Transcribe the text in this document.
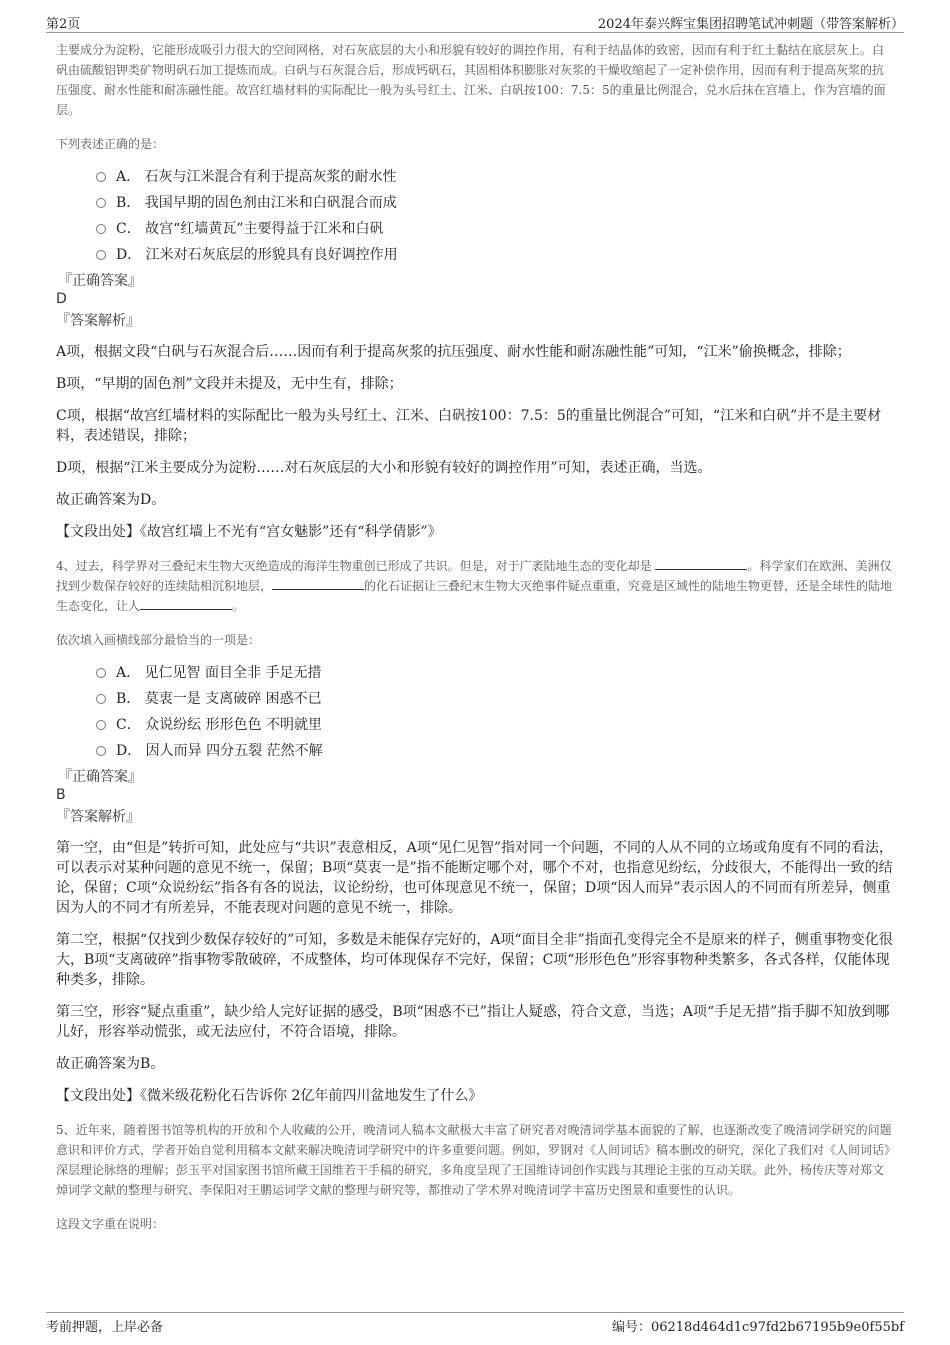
第2页	2024年泰兴辉宝集团招聘笔试冲刺题（带答案解析）

主要成分为淀粉，它能形成吸引力很大的空间网格，对石灰底层的大小和形貌有较好的调控作用，有利于结晶体的致密，因而有利于红土黏结在底层灰上。白矾由硫酸铝钾类矿物明矾石加工提炼而成。白矾与石灰混合后，形成钙矾石，其固相体积膨胀对灰浆的干燥收缩起了一定补偿作用，因而有利于提高灰浆的抗压强度、耐水性能和耐冻融性能。故宫红墙材料的实际配比一般为头号红土、江米、白矾按100：7.5：5的重量比例混合，兑水后抹在宫墙上，作为宫墙的面层。

下列表述正确的是：

A． 石灰与江米混合有利于提高灰浆的耐水性
B． 我国早期的固色剂由江米和白矾混合而成
C． 故宫“红墙黄瓦”主要得益于江米和白矾
D． 江米对石灰底层的形貌具有良好调控作用

『正确答案』

D

『答案解析』

A项，根据文段“白矾与石灰混合后……因而有利于提高灰浆的抗压强度、耐水性能和耐冻融性能”可知，“江米”偷换概念，排除；

B项，“早期的固色剂”文段并未提及，无中生有，排除；

C项，根据“故宫红墙材料的实际配比一般为头号红土、江米、白矾按100：7.5：5的重量比例混合”可知，“江米和白矾”并不是主要材料，表述错误，排除；

D项，根据“江米主要成分为淀粉……对石灰底层的大小和形貌有较好的调控作用”可知，表述正确，当选。

故正确答案为D。

【文段出处】《故宫红墙上不光有“宫女魅影”还有“科学倩影”》

4、过去，科学界对三叠纪末生物大灭绝造成的海洋生物重创已形成了共识。但是，对于广袤陆地生态的变化却是	。科学家们在欧洲、美洲仅找到少数保存较好的连续陆相沉积地层，	的化石证据让三叠纪末生物大灭绝事件疑点重重，究竟是区域性的陆地生物更替，还是全球性的陆地生态变化，让人	。

依次填入画横线部分最恰当的一项是：

A． 见仁见智 面目全非 手足无措
B． 莫衷一是 支离破碎 困惑不已
C． 众说纷纭 形形色色 不明就里
D． 因人而异 四分五裂 茫然不解

『正确答案』

B

『答案解析』

第一空，由“但是”转折可知，此处应与“共识”表意相反，A项“见仁见智”指对同一个问题，不同的人从不同的立场或角度有不同的看法，可以表示对某种问题的意见不统一，保留；B项“莫衷一是”指不能断定哪个对，哪个不对，也指意见纷纭，分歧很大，不能得出一致的结论，保留；C项“众说纷纭”指各有各的说法，议论纷纷，也可体现意见不统一，保留；D项“因人而异”表示因人的不同而有所差异，侧重因为人的不同才有所差异，不能表现对问题的意见不统一，排除。

第二空，根据“仅找到少数保存较好的”可知，多数是未能保存完好的，A项“面目全非”指面孔变得完全不是原来的样子，侧重事物变化很大，B项“支离破碎”指事物零散破碎，不成整体，均可体现保存不完好，保留；C项“形形色色”形容事物种类繁多，各式各样，仅能体现种类多，排除。

第三空，形容“疑点重重”，缺少给人完好证据的感受，B项“困惑不已”指让人疑惑，符合文意，当选；A项“手足无措”指手脚不知放到哪儿好，形容举动慌张，或无法应付，不符合语境，排除。

故正确答案为B。

【文段出处】《微米级花粉化石告诉你 2亿年前四川盆地发生了什么》

5、近年来，随着图书馆等机构的开放和个人收藏的公开，晚清词人稿本文献极大丰富了研究者对晚清词学基本面貌的了解，也逐渐改变了晚清词学研究的问题意识和评价方式，学者开始自觉利用稿本文献来解决晚清词学研究中的许多重要问题。例如，罗钢对《人间词话》稿本删改的研究，深化了我们对《人间词话》深层理论脉络的理解；彭玉平对国家图书馆所藏王国维若干手稿的研究，多角度呈现了王国维诗词创作实践与其理论主张的互动关联。此外，杨传庆等对郑文焯词学文献的整理与研究、李保阳对王鹏运词学文献的整理与研究等，都推动了学术界对晚清词学丰富历史图景和重要性的认识。

这段文字重在说明：

考前押题，上岸必备	编号：06218d464d1c97fd2b67195b9e0f55bf
